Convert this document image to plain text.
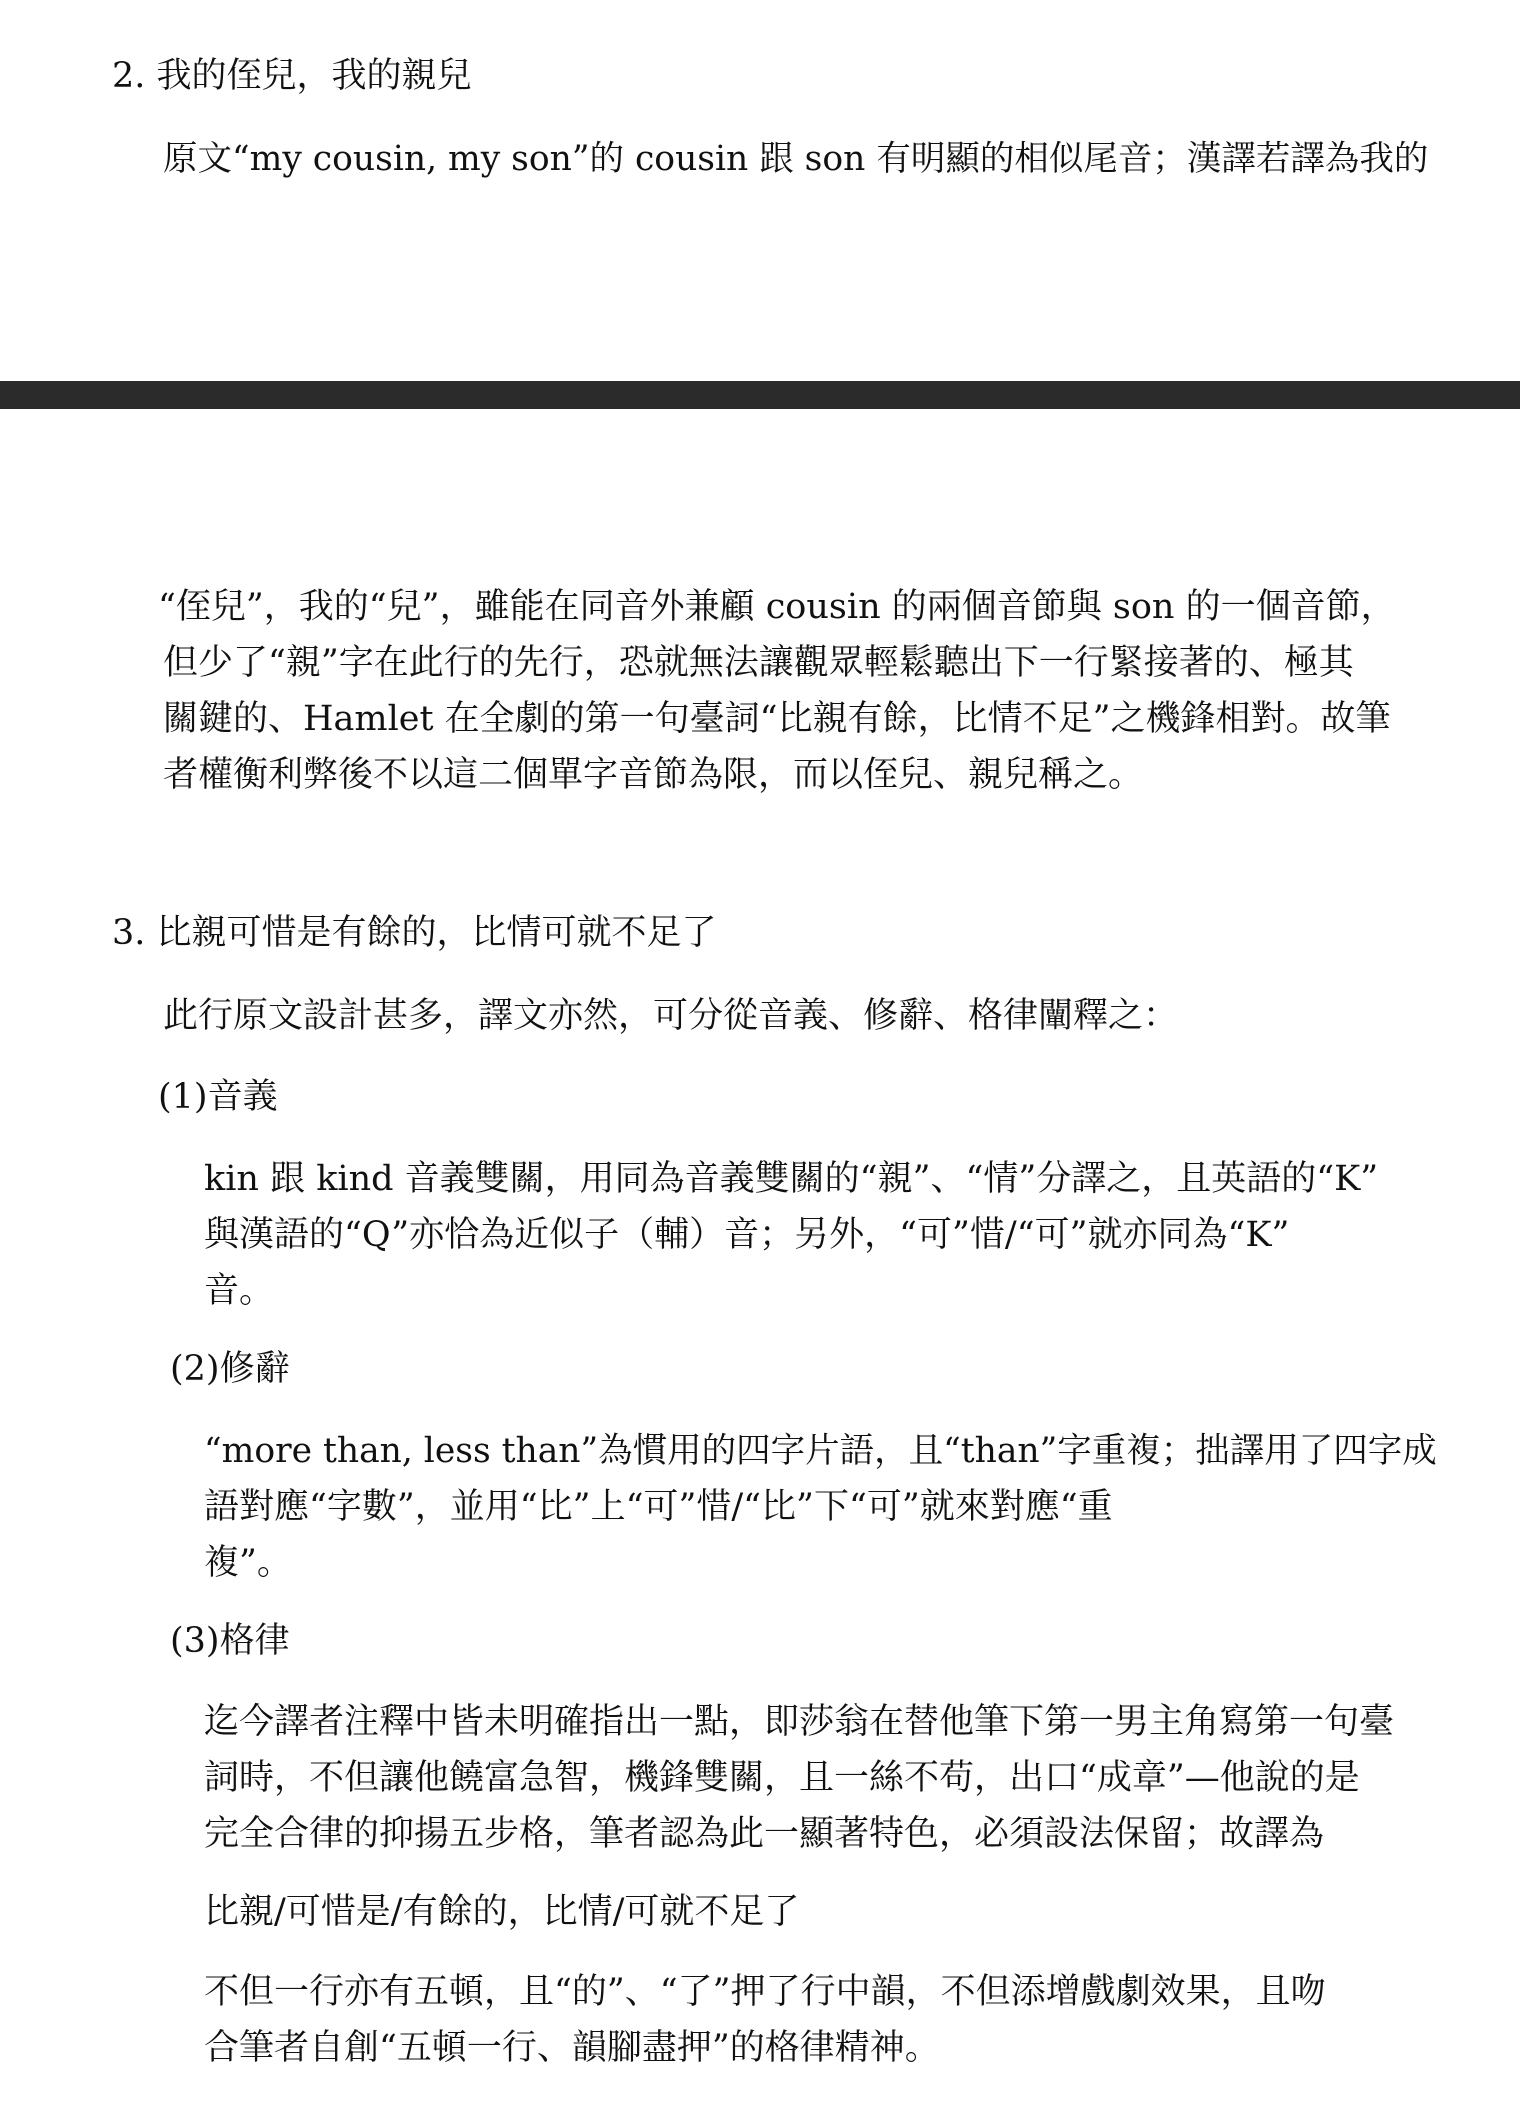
2. 我的侄兒，我的親兒

原文“my cousin, my son”的 cousin 跟 son 有明顯的相似尾音；漢譯若譯為我的

“侄兒”，我的“兒”，雖能在同音外兼顧 cousin 的兩個音節與 son 的一個音節，

但少了“親”字在此行的先行，恐就無法讓觀眾輕鬆聽出下一行緊接著的、極其

關鍵的、Hamlet 在全劇的第一句臺詞“比親有餘，比情不足”之機鋒相對。故筆

者權衡利弊後不以這二個單字音節為限，而以侄兒、親兒稱之。

3. 比親可惜是有餘的，比情可就不足了

此行原文設計甚多，譯文亦然，可分從音義、修辭、格律闡釋之：

(1)音義

kin 跟 kind 音義雙關，用同為音義雙關的“親”、“情”分譯之，且英語的“K”

與漢語的“Q”亦恰為近似子（輔）音；另外，“可”惜/“可”就亦同為“K”

音。

(2)修辭

“more than, less than”為慣用的四字片語，且“than”字重複；拙譯用了四字成

語對應“字數”，並用“比”上“可”惜/“比”下“可”就來對應“重

複”。

(3)格律

迄今譯者注釋中皆未明確指出一點，即莎翁在替他筆下第一男主角寫第一句臺

詞時，不但讓他饒富急智，機鋒雙關，且一絲不苟，出口“成章”—他說的是

完全合律的抑揚五步格，筆者認為此一顯著特色，必須設法保留；故譯為

比親/可惜是/有餘的，比情/可就不足了

不但一行亦有五頓，且“的”、“了”押了行中韻，不但添增戲劇效果，且吻

合筆者自創“五頓一行、韻腳盡押”的格律精神。
